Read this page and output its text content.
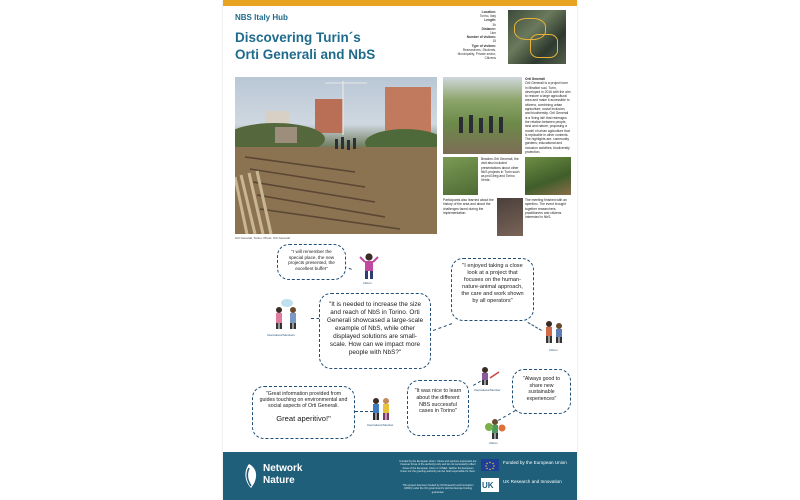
NBS Italy Hub
Discovering Turin´s
Orti Generali and NbS
Location:
Torino, Italy
Length:
3h
Distance:
1km
Number of visitors:
15
Type of visitors:
Researchers, Students, Municipality, Private sector, Citizens
Orti Generali, Torino. Photo: Orti Generali
Orti Generali
Orti Generali is a project born in Mirafiori sud, Turin, developed in 2016 with the aim to restore a large agricultural area and make it accessible to citizens, combining urban agriculture, social inclusion, and biodiversity. Orti Generali is a 'living lab' that redesigns the relation between people, land and nature, proposing a model of urban agriculture that is replicable in other contexts.
The highlights are: community gardens; educational and inclusion activities; biodiversity protection.
Besides Orti Generali, the visit also included presentations about other NbS projects in Turin such as proGIreg and Torino Verde.
Participants also learned about the history of the area and about the challenges faced during the implementation.
The meeting finished with an aperitivo. The event brought together researchers, practitioners and citizens interested in NbS.
"I will remember the special place, the new projects presented, the excellent buffet"	"I enjoyed taking a close look at a project that focuses on the human-nature-animal approach, the care and work shown by all operators"
"It is needed to increase the size and reach of NbS in Torino. Orti Generali showcased a large-scale example of NbS, while other displayed solutions are small-scale. How can we impact more people with NbS?"
"Great information provided from guides touching on environmental and social aspects of Orti Generali.
Great aperitivo!"
"It was nice to learn about the different NBS successful cases in Torino"
"Always good to share new sustainable experiences"
Citizen
International Members
Citizen
International Member
International Member
Citizen
Network
Nature
Funded by the European Union. Views and opinions expressed are however those of the author(s) only and do not necessarily reflect those of the European Union or CINEA. Neither the European Union nor the granting authority can be held responsible for them.
This project has been funded by UK Research and Innovation (UKRI) under the UK government's Horizon Europe funding guarantee.
Funded by the European Union
UK UK Research and Innovation
